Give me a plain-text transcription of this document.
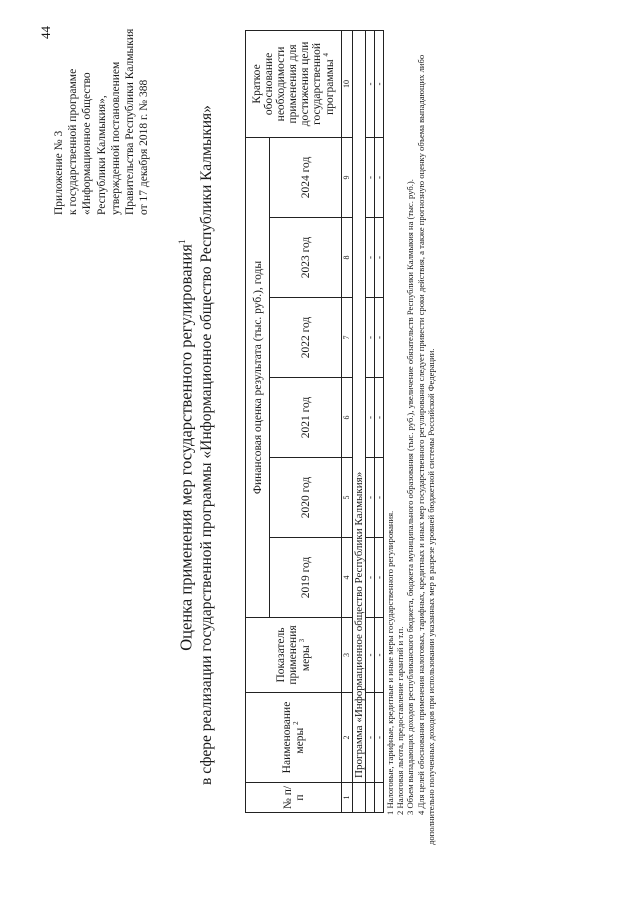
44
Приложение № 3 к государственной программе «Информационное общество Республики Калмыкия», утвержденной постановлением Правительства Республики Калмыкия от 17 декабря 2018 г. № 388
Оценка применения мер государственного регулирования$^1$ в сфере реализации государственной программы «Информационное общество Республики Калмыкия»
№ п/п	Наименование меры $^2$	Показатель применения меры $^3$	Финансовая оценка результата (тыс. руб.), годы						Краткое обоснование необходимости применения для достижения цели государственной программы $^4$
			2019 год	2020 год	2021 год	2022 год	2023 год	2024 год	
1	2	3	4	5	6	7	8	9	10
	Программа «Информационное общество Республики Калмыкия»								
	-	-	-	-	-	-	-	-	-
	-	-	-	-	-	-	-	-	-

1 Налоговые, тарифные, кредитные и иные меры государственного регулирования. 2 Налоговая льгота, предоставление гарантий и т.п. 3 Объем выпадающих доходов республиканского бюджета, бюджета муниципального образования (тыс. руб.), увеличение обязательств Республики Калмыкия на (тыс. руб.). 4 Для целей обоснования применения налоговых, тарифных, кредитных и иных мер государственного регулирования следует привести сроки действия, а также прогнозную оценку объема выпадающих либо дополнительно полученных доходов при использовании указанных мер в разрезе уровней бюджетной системы Российской Федерации.
